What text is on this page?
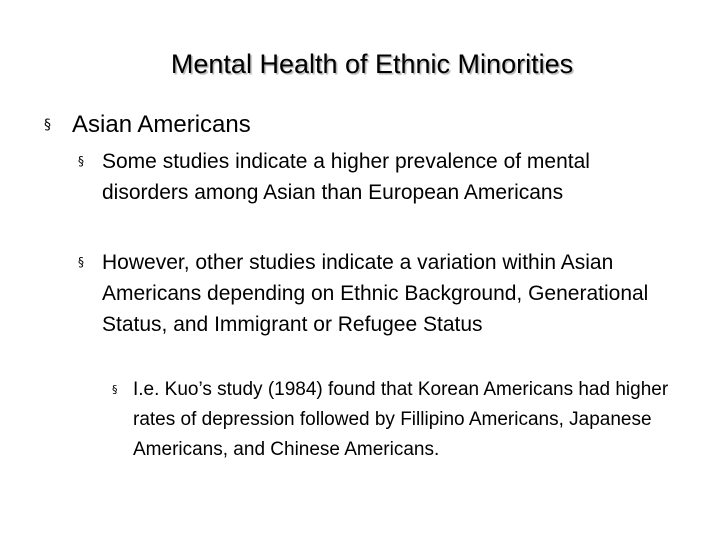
Mental Health of Ethnic Minorities
§ Asian Americans
§ Some studies indicate a higher prevalence of mental disorders among Asian than European Americans
§ However, other studies indicate a variation within Asian Americans depending on Ethnic Background, Generational Status, and Immigrant or Refugee Status
§ I.e. Kuo’s study (1984) found that Korean Americans had higher rates of depression followed by Fillipino Americans, Japanese Americans, and Chinese Americans.
